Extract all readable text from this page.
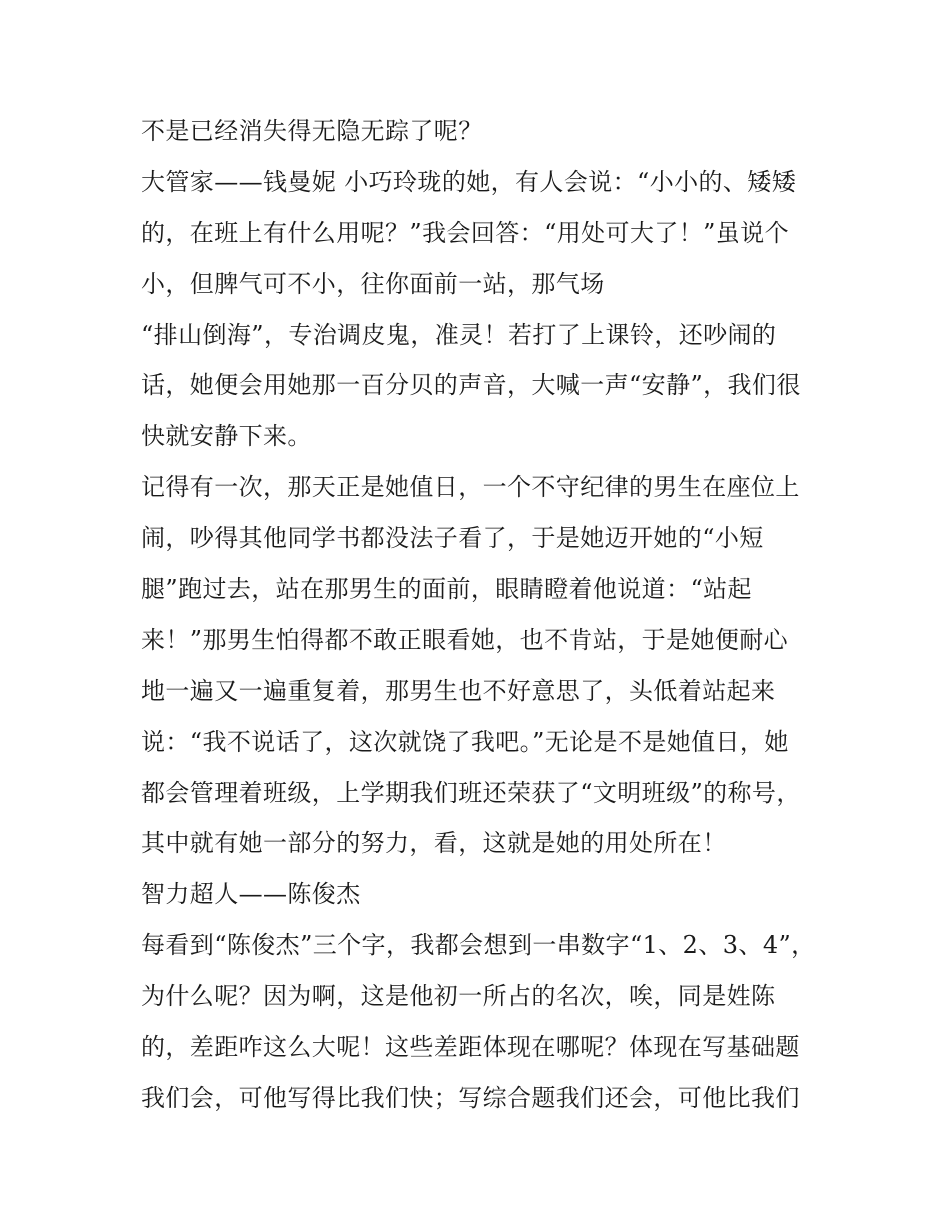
不是已经消失得无隐无踪了呢？
大管家——钱曼妮 小巧玲珑的她，有人会说：“小小的、矮矮
的，在班上有什么用呢？”我会回答：“用处可大了！”虽说个
小，但脾气可不小，往你面前一站，那气场
“排山倒海”，专治调皮鬼，准灵！若打了上课铃，还吵闹的
话，她便会用她那一百分贝的声音，大喊一声“安静”，我们很
快就安静下来。
记得有一次，那天正是她值日，一个不守纪律的男生在座位上
闹，吵得其他同学书都没法子看了，于是她迈开她的“小短
腿”跑过去，站在那男生的面前，眼睛瞪着他说道：“站起
来！”那男生怕得都不敢正眼看她，也不肯站，于是她便耐心
地一遍又一遍重复着，那男生也不好意思了，头低着站起来
说：“我不说话了，这次就饶了我吧。”无论是不是她值日，她
都会管理着班级，上学期我们班还荣获了“文明班级”的称号，
其中就有她一部分的努力，看，这就是她的用处所在！
智力超人——陈俊杰
每看到“陈俊杰”三个字，我都会想到一串数字“1、2、3、4”，
为什么呢？因为啊，这是他初一所占的名次，唉，同是姓陈
的，差距咋这么大呢！这些差距体现在哪呢？体现在写基础题
我们会，可他写得比我们快；写综合题我们还会，可他比我们
